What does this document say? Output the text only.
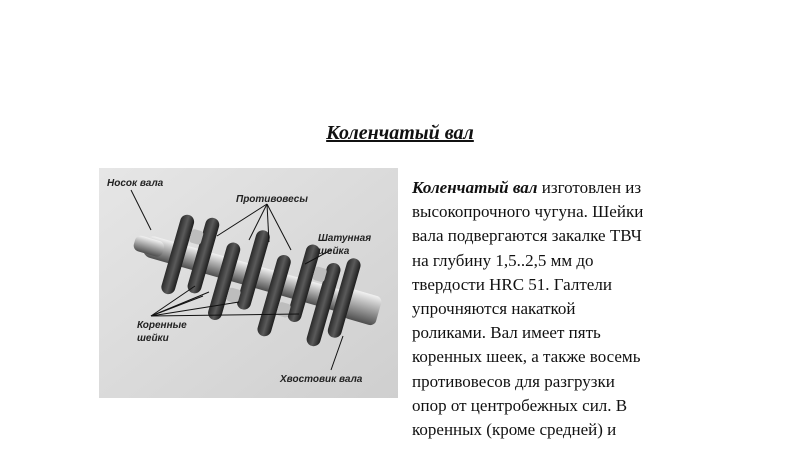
Коленчатый вал
Носок вала
Противовесы
Шатунная
шейка
Коренные
шейки
Хвостовик вала
Коленчатый вал изготовлен из
высокопрочного чугуна. Шейки
вала подвергаются закалке ТВЧ
на глубину 1,5..2,5 мм до
твердости HRC 51. Галтели
упрочняются накаткой
роликами. Вал имеет пять
коренных шеек, а также восемь
противовесов для разгрузки
опор от центробежных сил. В
коренных (кроме средней) и
